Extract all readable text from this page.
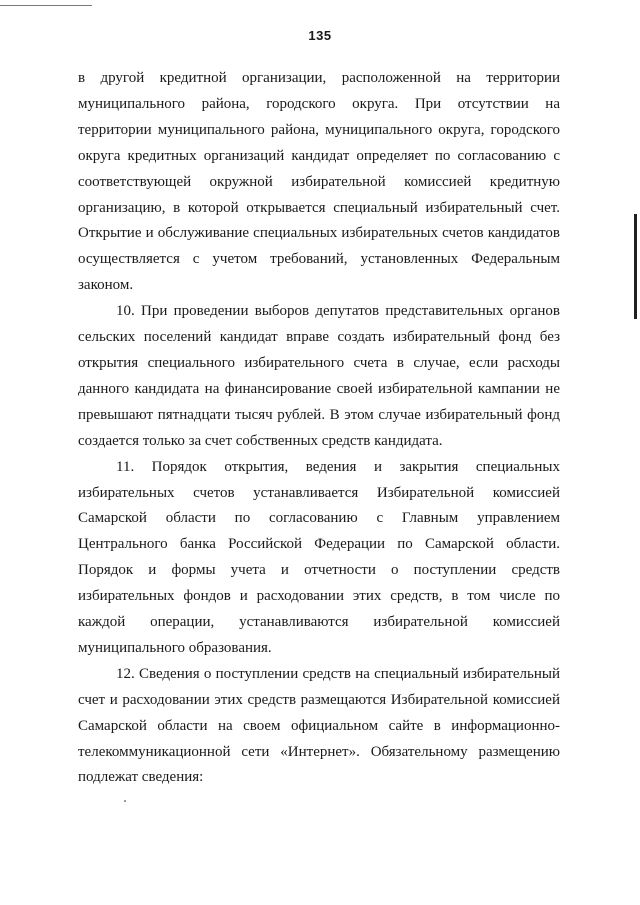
135

в другой кредитной организации, расположенной на территории муниципального района, городского округа. При отсутствии на территории муниципального района, муниципального округа, городского округа кредитных организаций кандидат определяет по согласованию с соответствующей окружной избирательной комиссией кредитную организацию, в которой открывается специальный избирательный счет. Открытие и обслуживание специальных избирательных счетов кандидатов осуществляется с учетом требований, установленных Федеральным законом.

10. При проведении выборов депутатов представительных органов сельских поселений кандидат вправе создать избирательный фонд без открытия специального избирательного счета в случае, если расходы данного кандидата на финансирование своей избирательной кампании не превышают пятнадцати тысяч рублей. В этом случае избирательный фонд создается только за счет собственных средств кандидата.

11. Порядок открытия, ведения и закрытия специальных избирательных счетов устанавливается Избирательной комиссией Самарской области по согласованию с Главным управлением Центрального банка Российской Федерации по Самарской области. Порядок и формы учета и отчетности о поступлении средств избирательных фондов и расходовании этих средств, в том числе по каждой операции, устанавливаются избирательной комиссией муниципального образования.

12. Сведения о поступлении средств на специальный избирательный счет и расходовании этих средств размещаются Избирательной комиссией Самарской области на своем официальном сайте в информационно-телекоммуникационной сети «Интернет». Обязательному размещению подлежат сведения:
